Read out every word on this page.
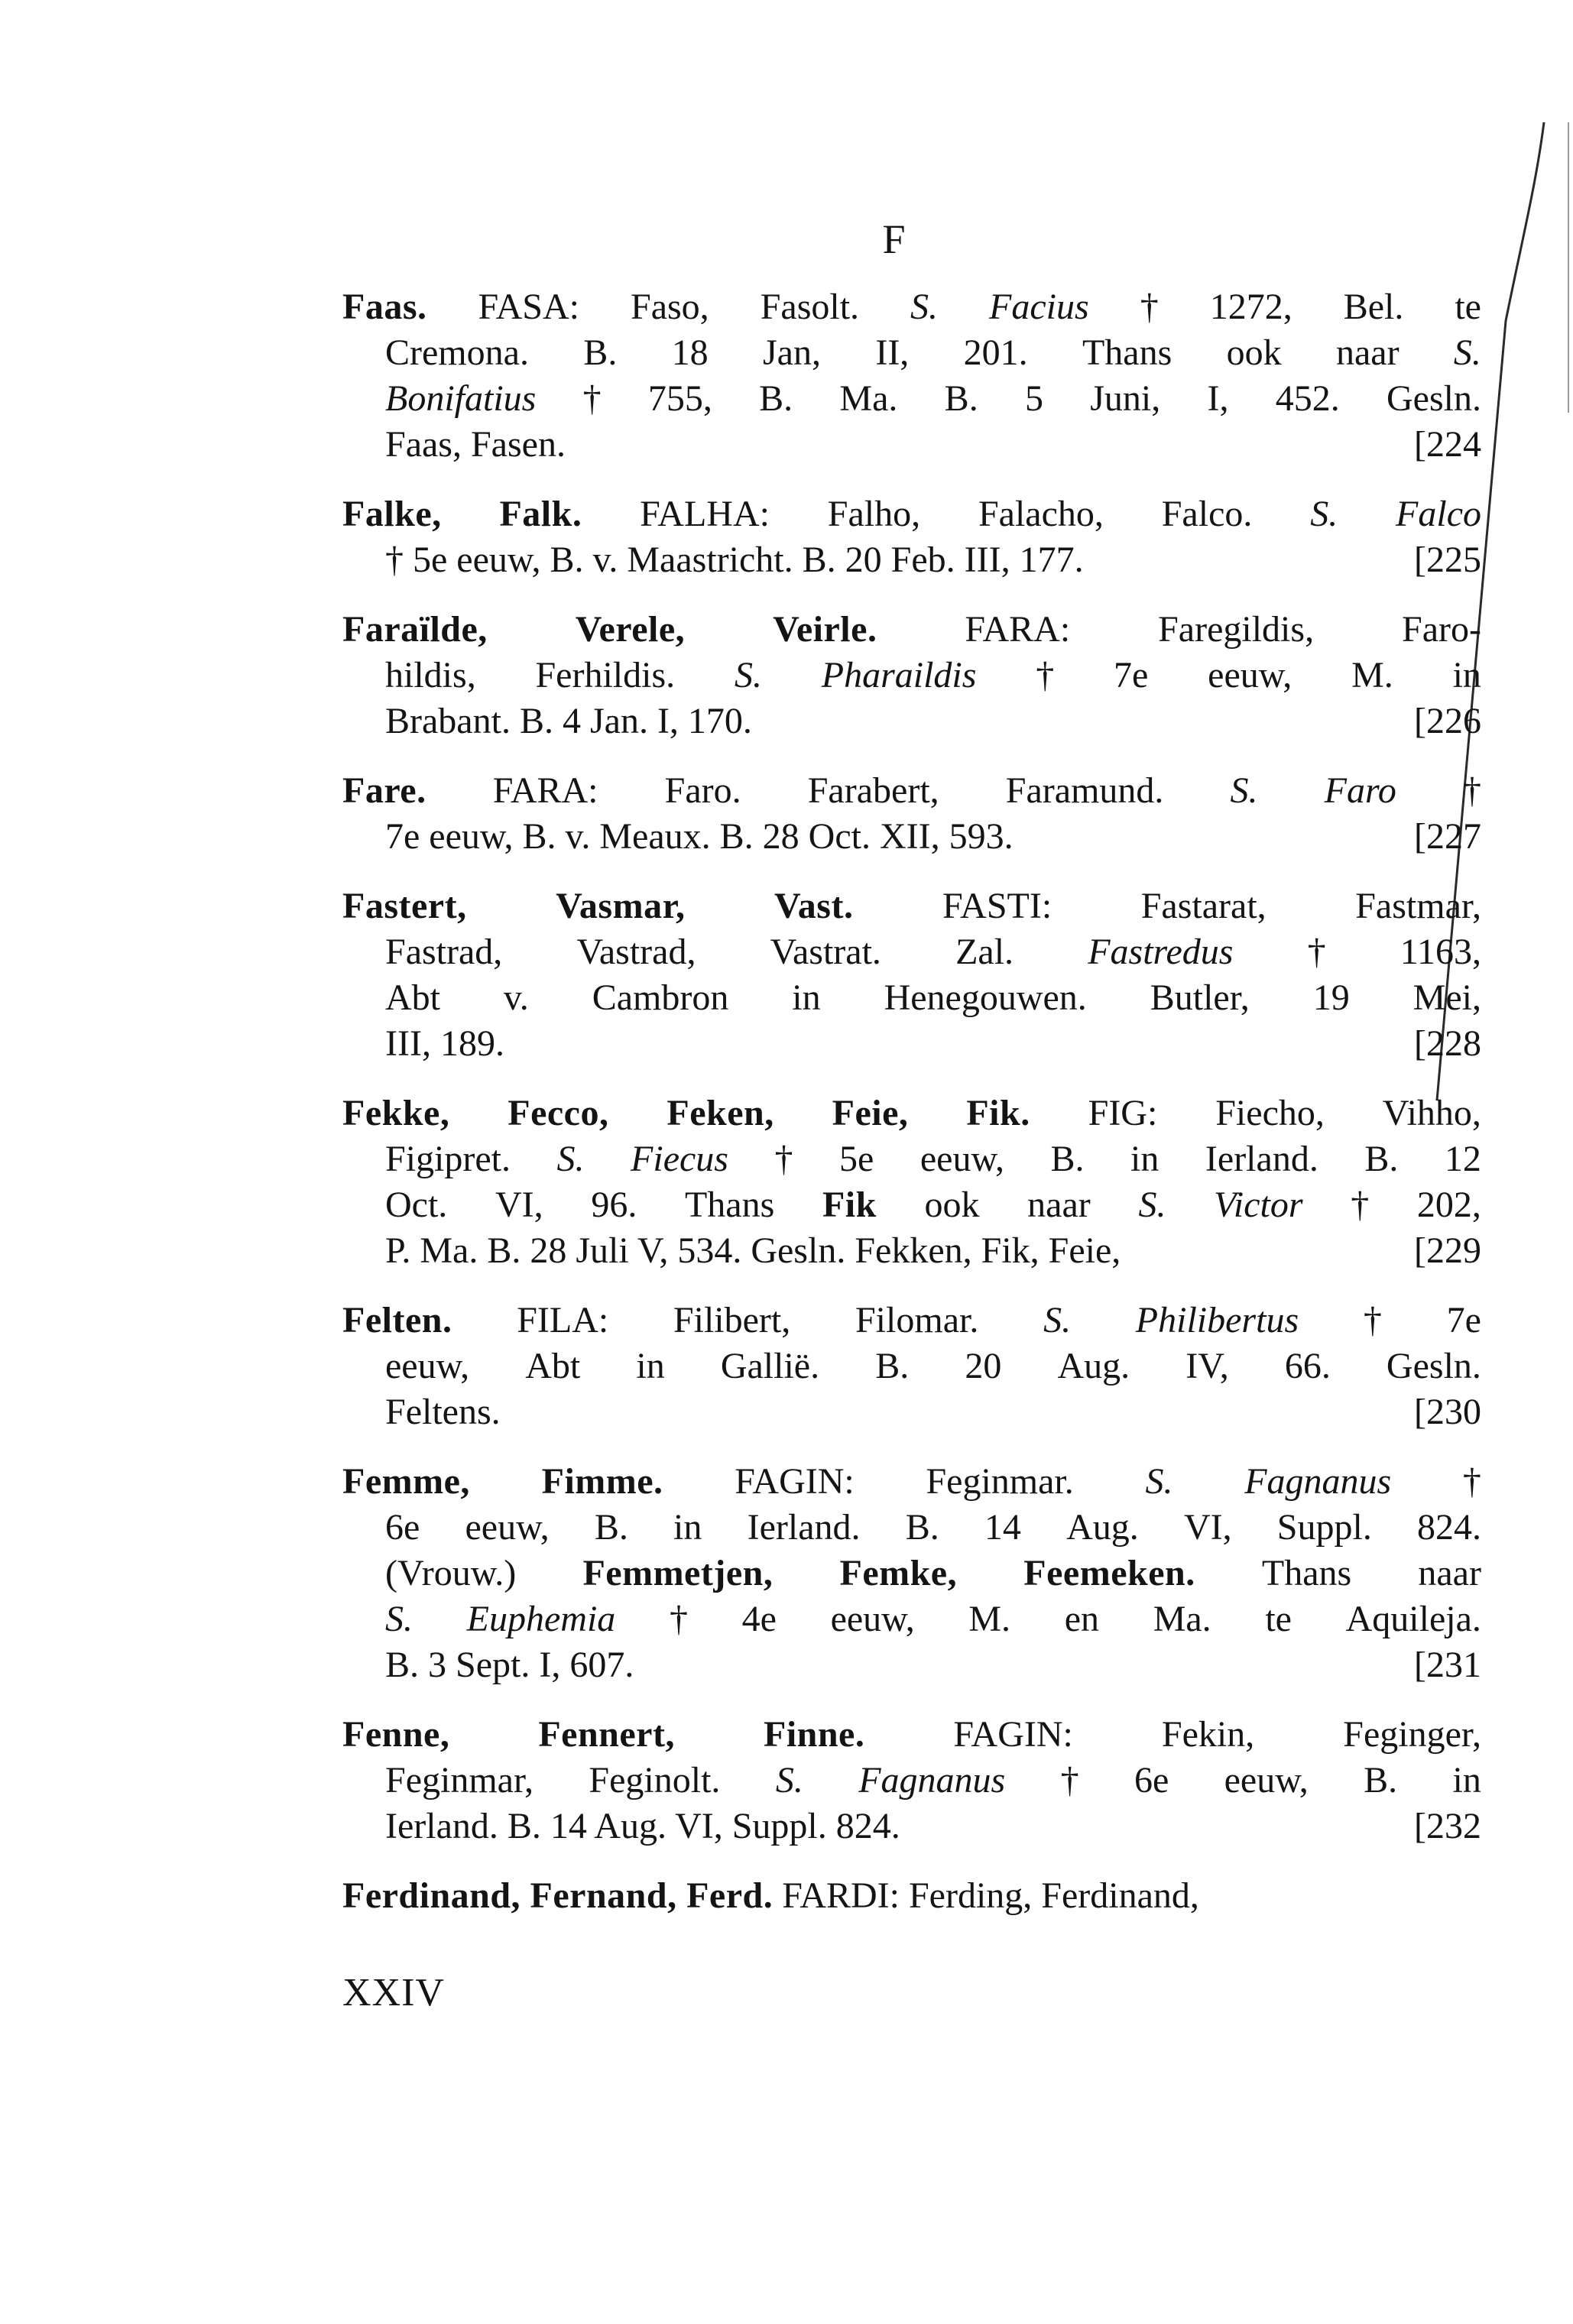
F
Faas. FASA: Faso, Fasolt. S. Facius † 1272, Bel. te
Cremona. B. 18 Jan, II, 201. Thans ook naar S.
Bonifatius † 755, B. Ma. B. 5 Juni, I, 452. Gesln.
Faas, Fasen.	[224
Falke, Falk. FALHA: Falho, Falacho, Falco. S. Falco
† 5e eeuw, B. v. Maastricht. B. 20 Feb. III, 177.	[225
Faraïlde, Verele, Veirle. FARA: Faregildis, Faro-
hildis, Ferhildis. S. Pharaildis † 7e eeuw, M. in
Brabant. B. 4 Jan. I, 170.	[226
Fare. FARA: Faro. Farabert, Faramund. S. Faro †
7e eeuw, B. v. Meaux. B. 28 Oct. XII, 593.	[227
Fastert, Vasmar, Vast. FASTI: Fastarat, Fastmar,
Fastrad, Vastrad, Vastrat. Zal. Fastredus † 1163,
Abt v. Cambron in Henegouwen. Butler, 19 Mei,
III, 189.	[228
Fekke, Fecco, Feken, Feie, Fik. FIG: Fiecho, Vihho,
Figipret. S. Fiecus † 5e eeuw, B. in Ierland. B. 12
Oct. VI, 96. Thans Fik ook naar S. Victor † 202,
P. Ma. B. 28 Juli V, 534. Gesln. Fekken, Fik, Feie,	[229
Felten. FILA: Filibert, Filomar. S. Philibertus † 7e
eeuw, Abt in Gallië. B. 20 Aug. IV, 66. Gesln.
Feltens.	[230
Femme, Fimme. FAGIN: Feginmar. S. Fagnanus †
6e eeuw, B. in Ierland. B. 14 Aug. VI, Suppl. 824.
(Vrouw.) Femmetjen, Femke, Feemeken. Thans naar
S. Euphemia † 4e eeuw, M. en Ma. te Aquileja.
B. 3 Sept. I, 607.	[231
Fenne, Fennert, Finne. FAGIN: Fekin, Feginger,
Feginmar, Feginolt. S. Fagnanus † 6e eeuw, B. in
Ierland. B. 14 Aug. VI, Suppl. 824.	[232
Ferdinand, Fernand, Ferd. FARDI: Ferding, Ferdinand,
XXIV
